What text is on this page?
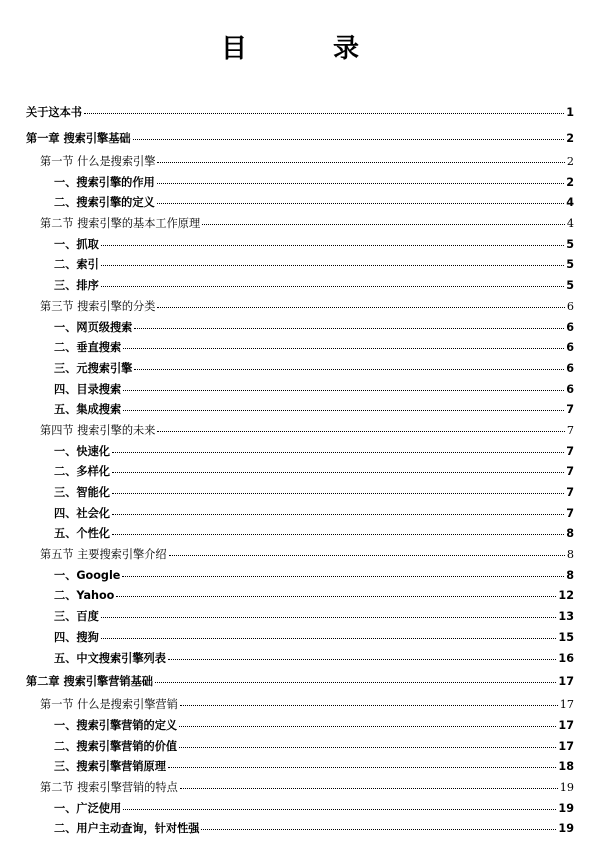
目　录
关于这本书	1
第一章 搜索引擎基础	2
第一节 什么是搜索引擎	2
一、搜索引擎的作用	2
二、搜索引擎的定义	4
第二节 搜索引擎的基本工作原理	4
一、抓取	5
二、索引	5
三、排序	5
第三节 搜索引擎的分类	6
一、网页级搜索	6
二、垂直搜索	6
三、元搜索引擎	6
四、目录搜索	6
五、集成搜索	7
第四节 搜索引擎的未来	7
一、快速化	7
二、多样化	7
三、智能化	7
四、社会化	7
五、个性化	8
第五节 主要搜索引擎介绍	8
一、Google	8
二、Yahoo	12
三、百度	13
四、搜狗	15
五、中文搜索引擎列表	16
第二章 搜索引擎营销基础	17
第一节 什么是搜索引擎营销	17
一、搜索引擎营销的定义	17
二、搜索引擎营销的价值	17
三、搜索引擎营销原理	18
第二节 搜索引擎营销的特点	19
一、广泛使用	19
二、用户主动查询，针对性强	19
